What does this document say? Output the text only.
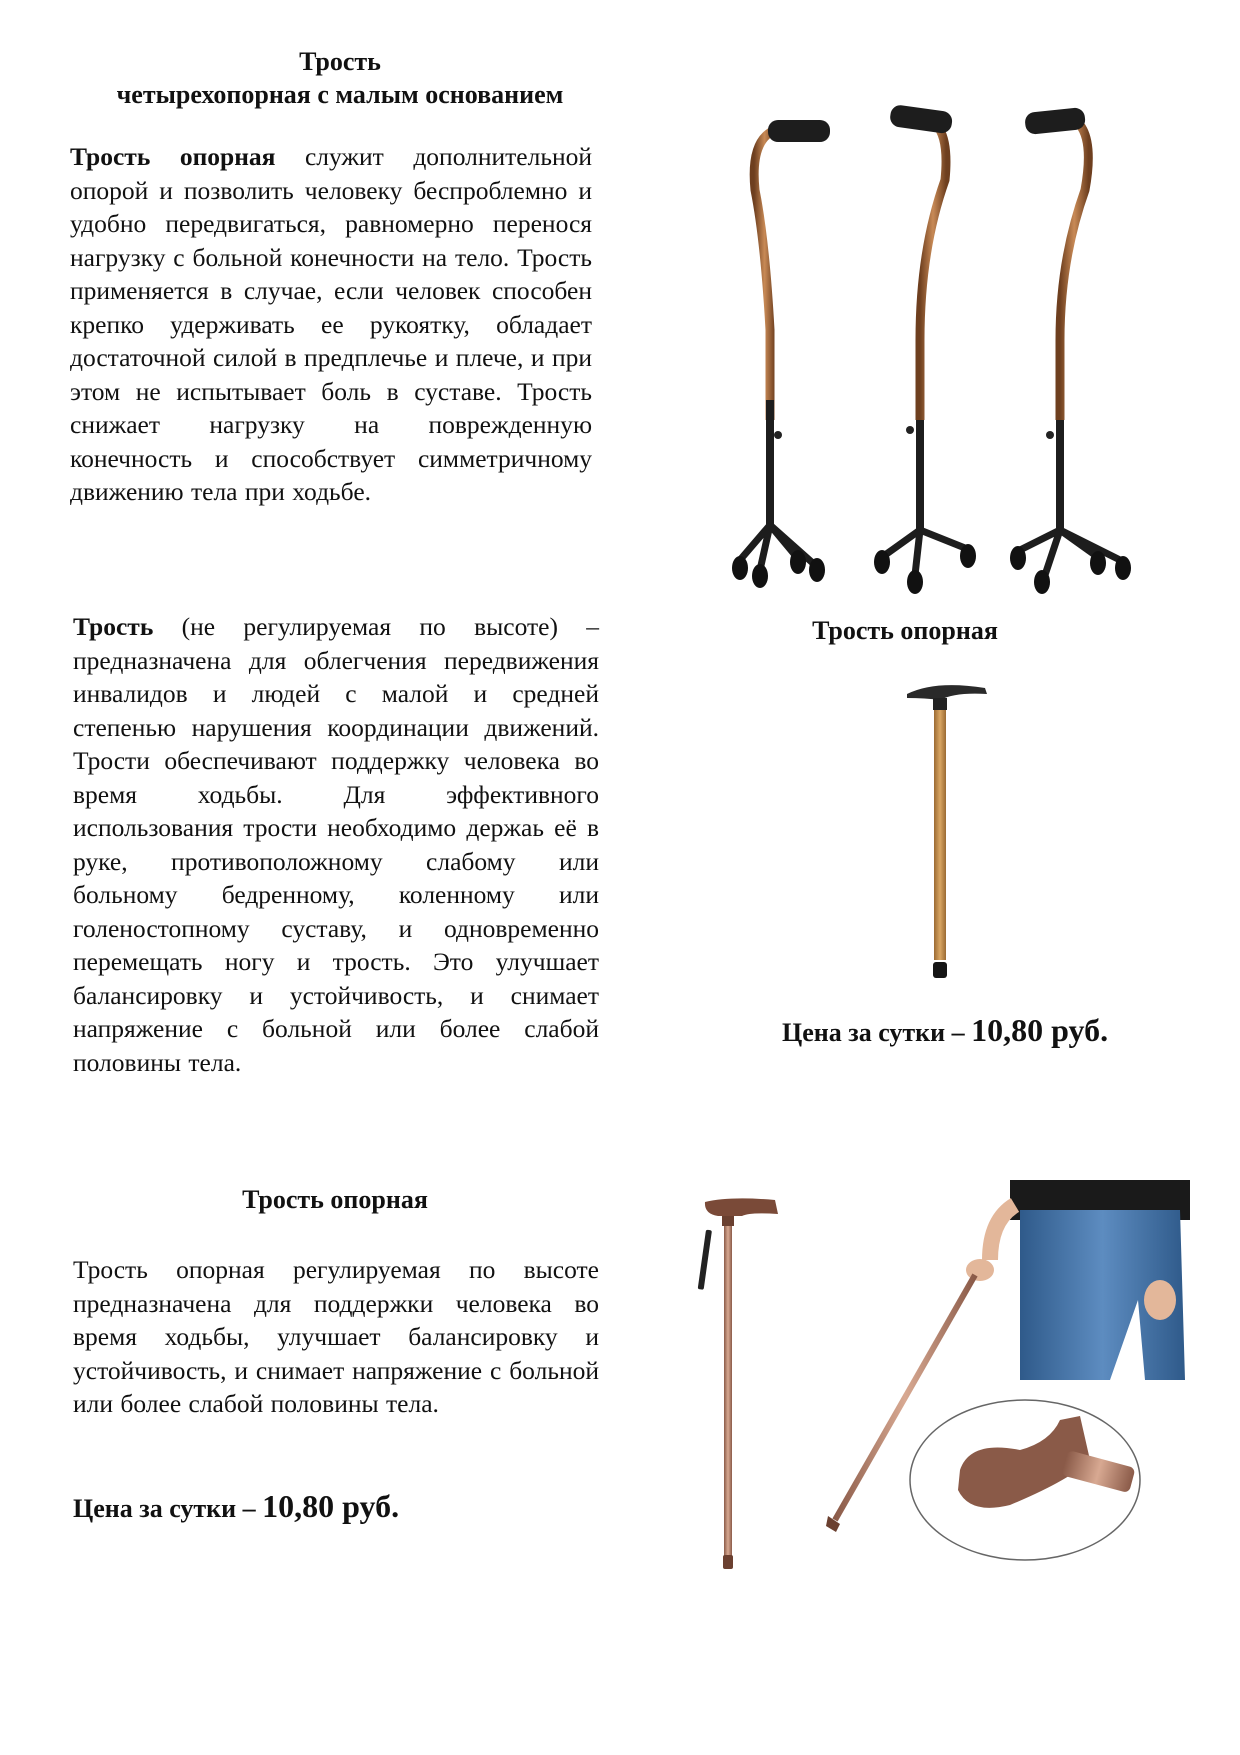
Трость
четырехопорная с малым основанием
Трость опорная служит дополнительной опорой и позволить человеку беспроблемно и удобно передвигаться, равномерно перенося нагрузку с больной конечности на тело. Трость применяется в случае, если человек способен крепко удерживать ее рукоятку, обладает достаточной силой в предплечье и плече, и при этом не испытывает боль в суставе. Трость снижает нагрузку на поврежденную конечность и способствует симметричному движению тела при ходьбе.
Трость (не регулируемая по высоте) – предназначена для облегчения передвижения инвалидов и людей с малой и средней степенью нарушения координации движений. Трости обеспечивают поддержку человека во время ходьбы. Для эффективного использования трости необходимо держаь её в руке, противоположному слабому или больному бедренному, коленному или голеностопному суставу, и одновременно перемещать ногу и трость. Это улучшает балансировку и устойчивость, и снимает напряжение с больной или более слабой половины тела.
Трость опорная
Цена за сутки – 10,80 руб.
Трость опорная
Трость опорная регулируемая по высоте предназначена для поддержки человека во время ходьбы, улучшает балансировку и устойчивость, и снимает напряжение с больной или более слабой половины тела.
Цена за сутки – 10,80 руб.
